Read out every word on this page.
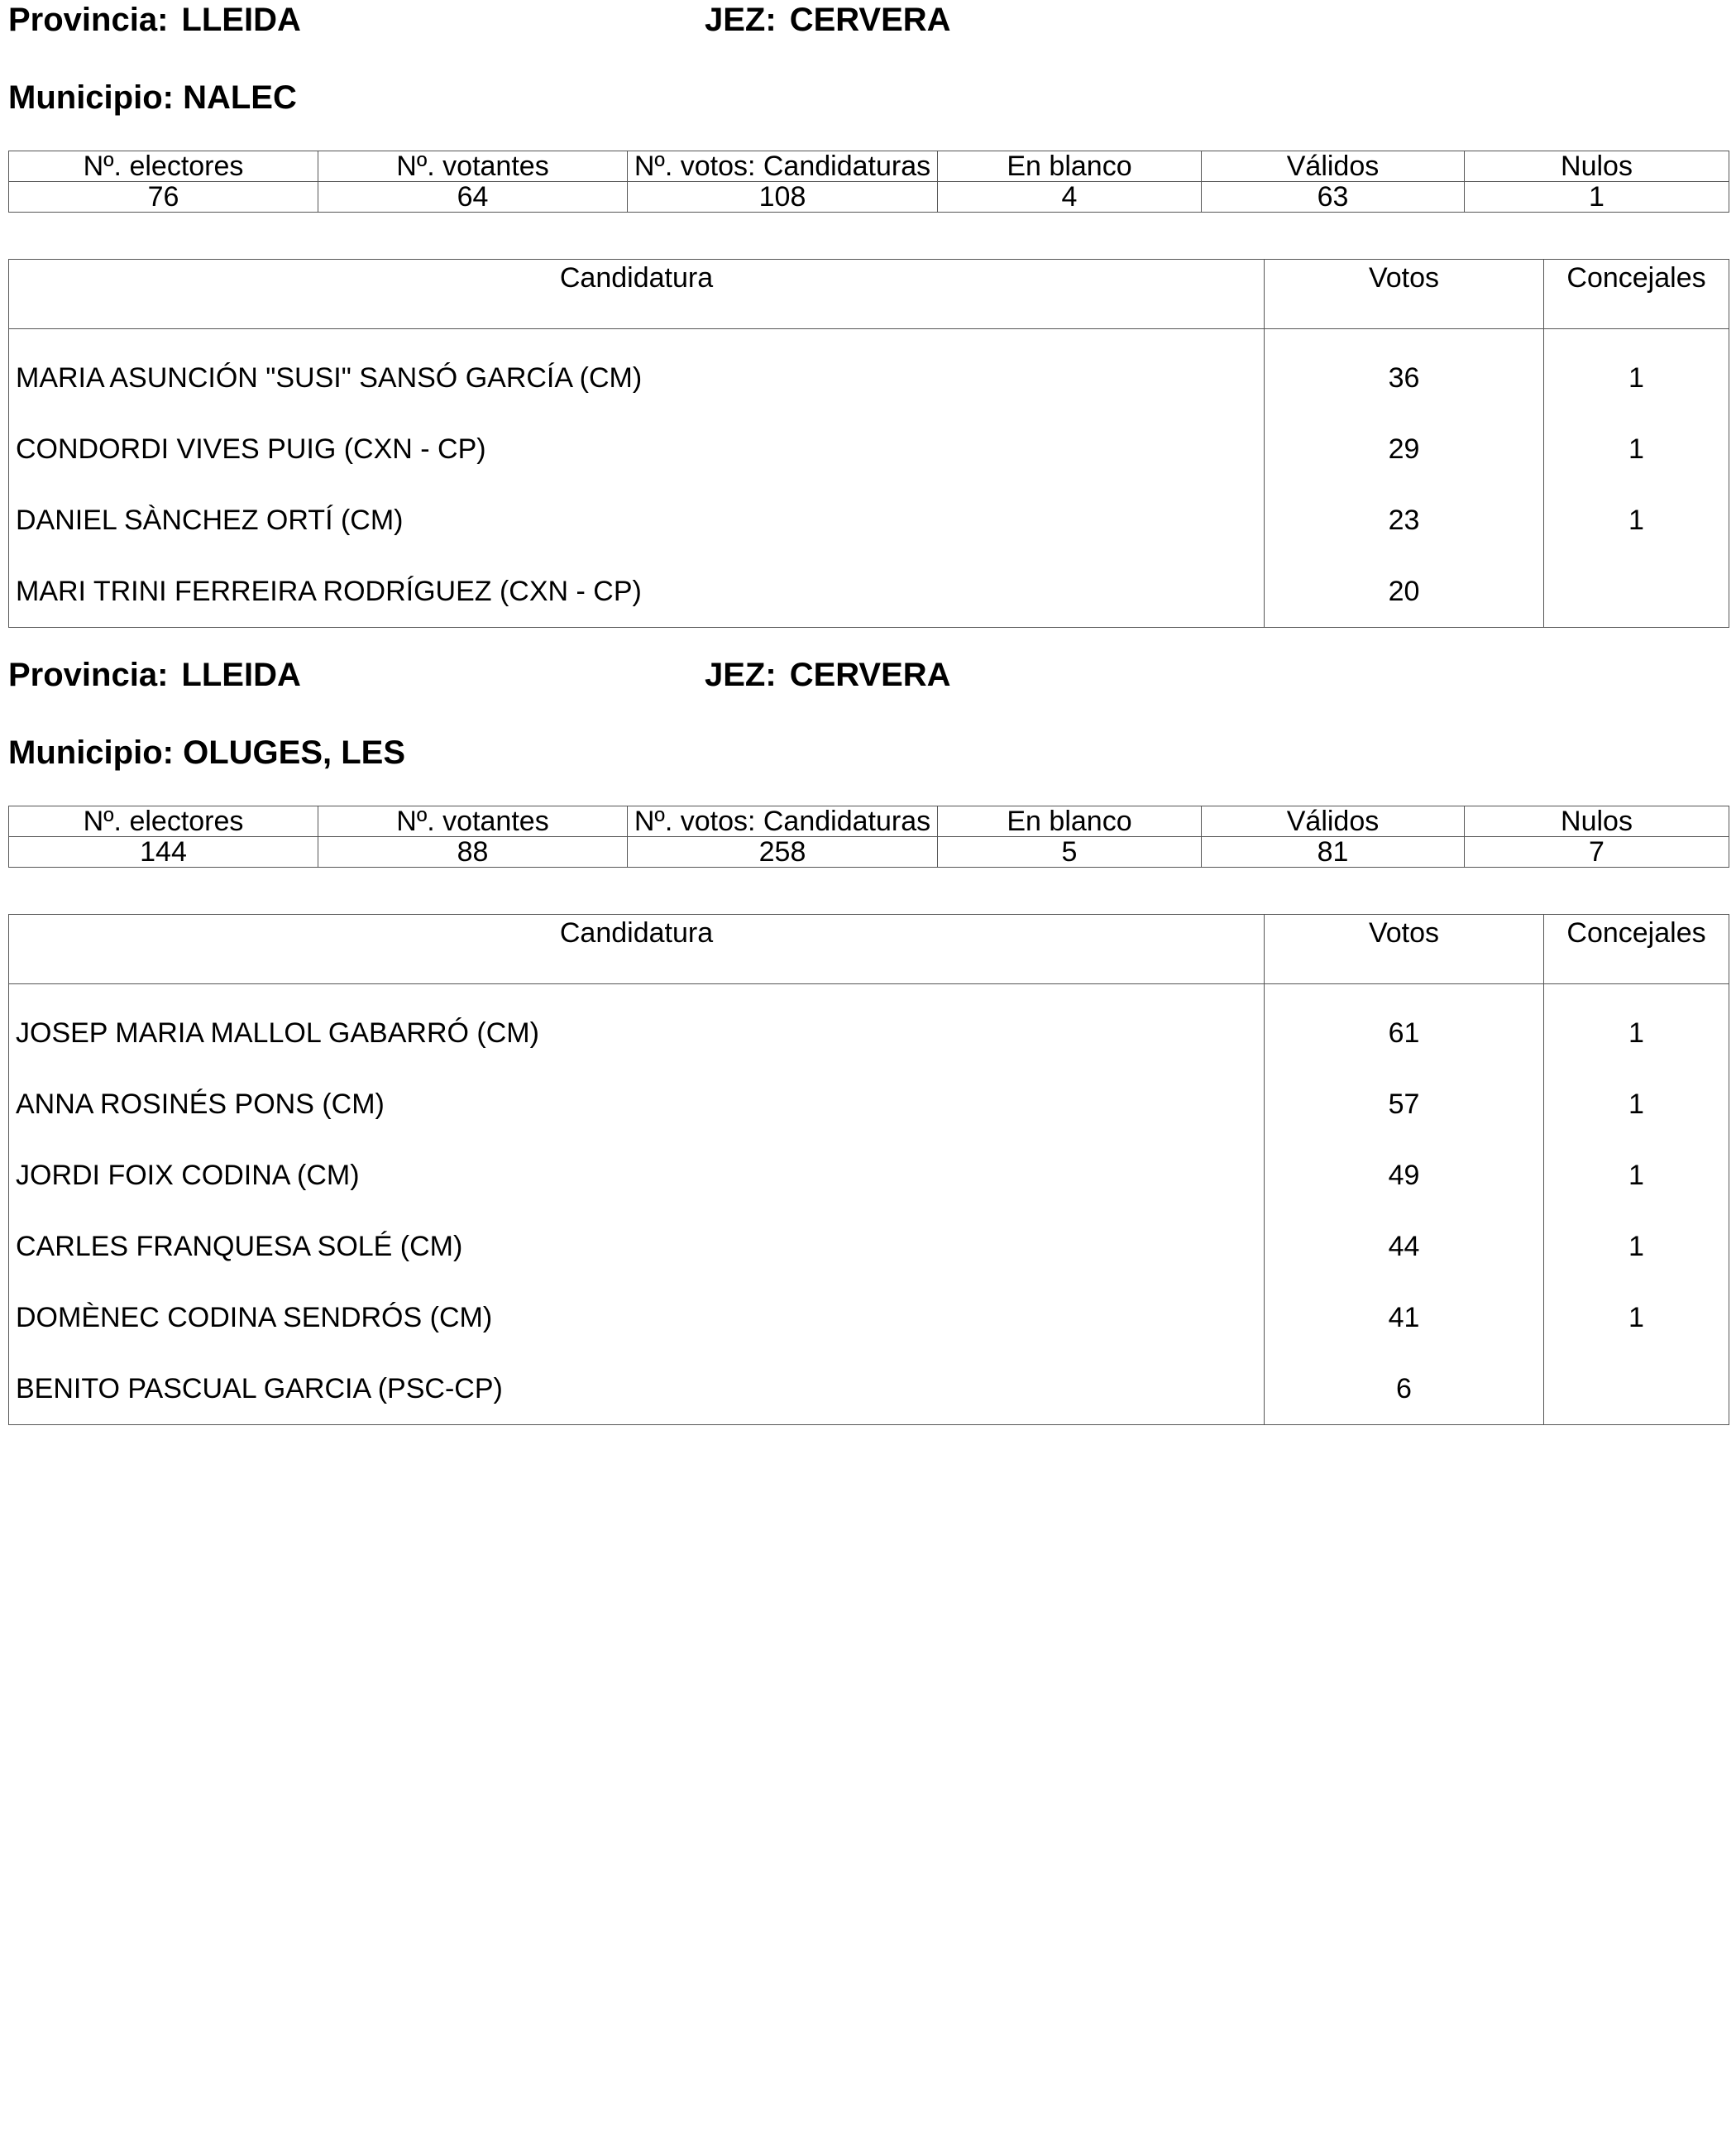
Provincia: LLEIDA	JEZ: CERVERA
Municipio: NALEC
Nº. electores	Nº. votantes	Nº. votos: Candidaturas	En blanco	Válidos	Nulos
76	64	108	4	63	1
Candidatura	Votos	Concejales
MARIA ASUNCIÓN "SUSI" SANSÓ GARCÍA (CM)	36	1
CONDORDI VIVES PUIG (CXN - CP)	29	1
DANIEL SÀNCHEZ ORTÍ (CM)	23	1
MARI TRINI FERREIRA RODRÍGUEZ (CXN - CP)	20	
Provincia: LLEIDA	JEZ: CERVERA
Municipio: OLUGES, LES
Nº. electores	Nº. votantes	Nº. votos: Candidaturas	En blanco	Válidos	Nulos
144	88	258	5	81	7
Candidatura	Votos	Concejales
JOSEP MARIA MALLOL GABARRÓ (CM)	61	1
ANNA ROSINÉS PONS (CM)	57	1
JORDI FOIX CODINA (CM)	49	1
CARLES FRANQUESA SOLÉ (CM)	44	1
DOMÈNEC CODINA SENDRÓS (CM)	41	1
BENITO PASCUAL GARCIA (PSC-CP)	6	
